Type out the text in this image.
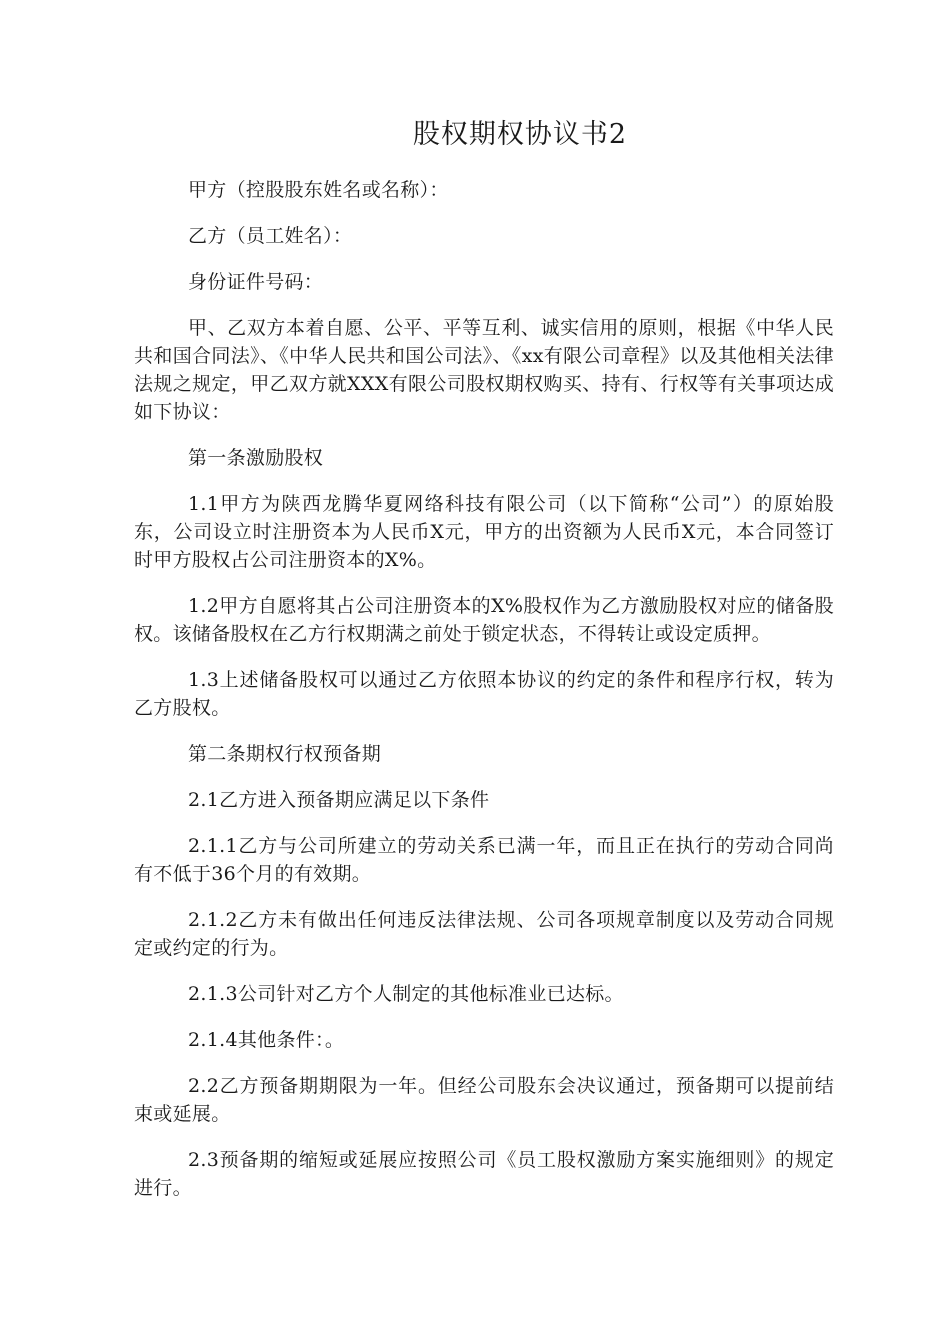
股权期权协议书2

甲方（控股股东姓名或名称）：

乙方（员工姓名）：

身份证件号码：

甲、乙双方本着自愿、公平、平等互利、诚实信用的原则，根据《中华人民共和国合同法》、《中华人民共和国公司法》、《xx有限公司章程》以及其他相关法律法规之规定，甲乙双方就XXX有限公司股权期权购买、持有、行权等有关事项达成如下协议：

第一条激励股权

1.1甲方为陕西龙腾华夏网络科技有限公司（以下简称“公司”）的原始股东，公司设立时注册资本为人民币X元，甲方的出资额为人民币X元，本合同签订时甲方股权占公司注册资本的X%。

1.2甲方自愿将其占公司注册资本的X%股权作为乙方激励股权对应的储备股权。该储备股权在乙方行权期满之前处于锁定状态，不得转让或设定质押。

1.3上述储备股权可以通过乙方依照本协议的约定的条件和程序行权，转为乙方股权。

第二条期权行权预备期

2.1乙方进入预备期应满足以下条件

2.1.1乙方与公司所建立的劳动关系已满一年，而且正在执行的劳动合同尚有不低于36个月的有效期。

2.1.2乙方未有做出任何违反法律法规、公司各项规章制度以及劳动合同规定或约定的行为。

2.1.3公司针对乙方个人制定的其他标准业已达标。

2.1.4其他条件：。

2.2乙方预备期期限为一年。但经公司股东会决议通过，预备期可以提前结束或延展。

2.3预备期的缩短或延展应按照公司《员工股权激励方案实施细则》的规定进行。
